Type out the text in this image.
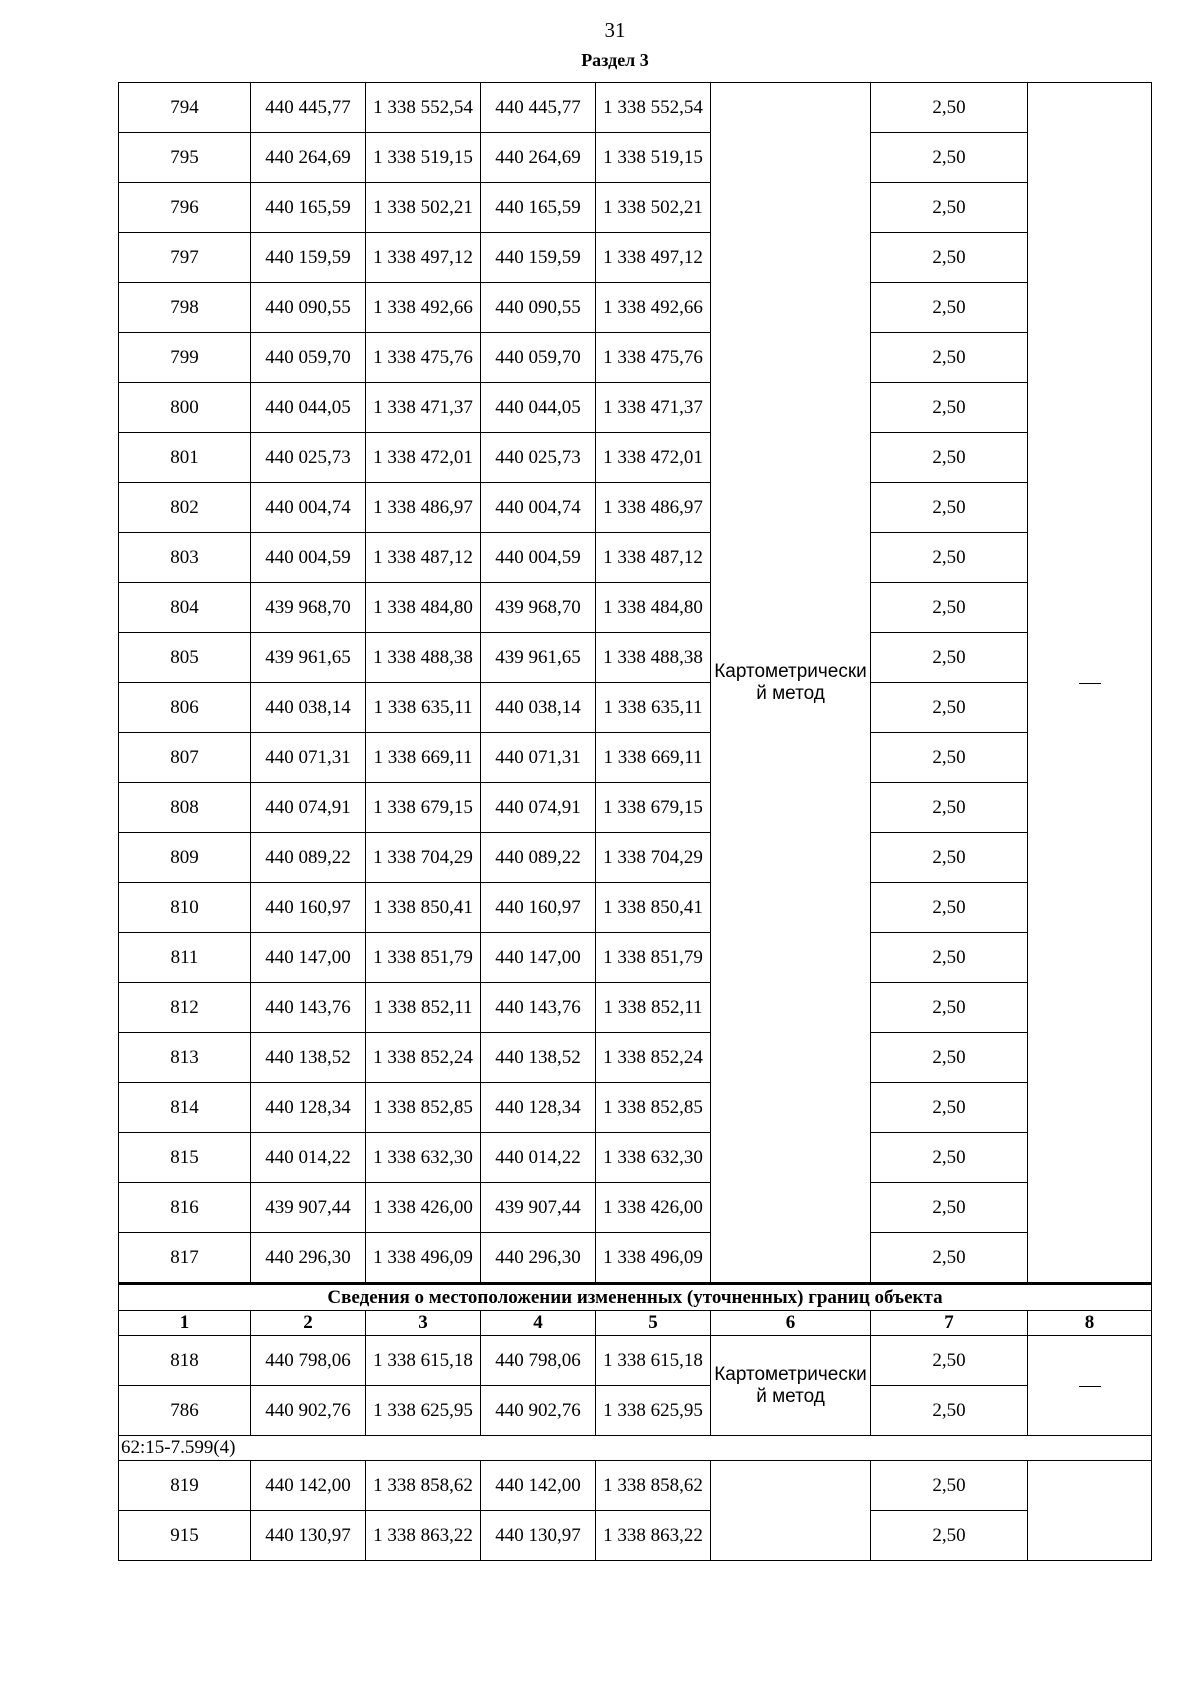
31
Раздел 3
794	440 445,77	1 338 552,54	440 445,77	1 338 552,54	Картометрически й метод	2,50	
795	440 264,69	1 338 519,15	440 264,69	1 338 519,15		2,50	
796	440 165,59	1 338 502,21	440 165,59	1 338 502,21		2,50	
797	440 159,59	1 338 497,12	440 159,59	1 338 497,12		2,50	
798	440 090,55	1 338 492,66	440 090,55	1 338 492,66		2,50	
799	440 059,70	1 338 475,76	440 059,70	1 338 475,76		2,50	
800	440 044,05	1 338 471,37	440 044,05	1 338 471,37		2,50	
801	440 025,73	1 338 472,01	440 025,73	1 338 472,01		2,50	
802	440 004,74	1 338 486,97	440 004,74	1 338 486,97		2,50	
803	440 004,59	1 338 487,12	440 004,59	1 338 487,12		2,50	
804	439 968,70	1 338 484,80	439 968,70	1 338 484,80		2,50	
805	439 961,65	1 338 488,38	439 961,65	1 338 488,38		2,50	
806	440 038,14	1 338 635,11	440 038,14	1 338 635,11		2,50	
807	440 071,31	1 338 669,11	440 071,31	1 338 669,11		2,50	
808	440 074,91	1 338 679,15	440 074,91	1 338 679,15		2,50	
809	440 089,22	1 338 704,29	440 089,22	1 338 704,29		2,50	
810	440 160,97	1 338 850,41	440 160,97	1 338 850,41		2,50	
811	440 147,00	1 338 851,79	440 147,00	1 338 851,79		2,50	
812	440 143,76	1 338 852,11	440 143,76	1 338 852,11		2,50	
813	440 138,52	1 338 852,24	440 138,52	1 338 852,24		2,50	
814	440 128,34	1 338 852,85	440 128,34	1 338 852,85		2,50	
815	440 014,22	1 338 632,30	440 014,22	1 338 632,30		2,50	
816	439 907,44	1 338 426,00	439 907,44	1 338 426,00		2,50	
817	440 296,30	1 338 496,09	440 296,30	1 338 496,09		2,50	
Сведения о местоположении измененных (уточненных) границ объекта							
1	2	3	4	5	6	7	8
818	440 798,06	1 338 615,18	440 798,06	1 338 615,18	Картометрически й метод	2,50	
786	440 902,76	1 338 625,95	440 902,76	1 338 625,95		2,50	
62:15-7.599(4)							
819	440 142,00	1 338 858,62	440 142,00	1 338 858,62		2,50	
915	440 130,97	1 338 863,22	440 130,97	1 338 863,22		2,50	
